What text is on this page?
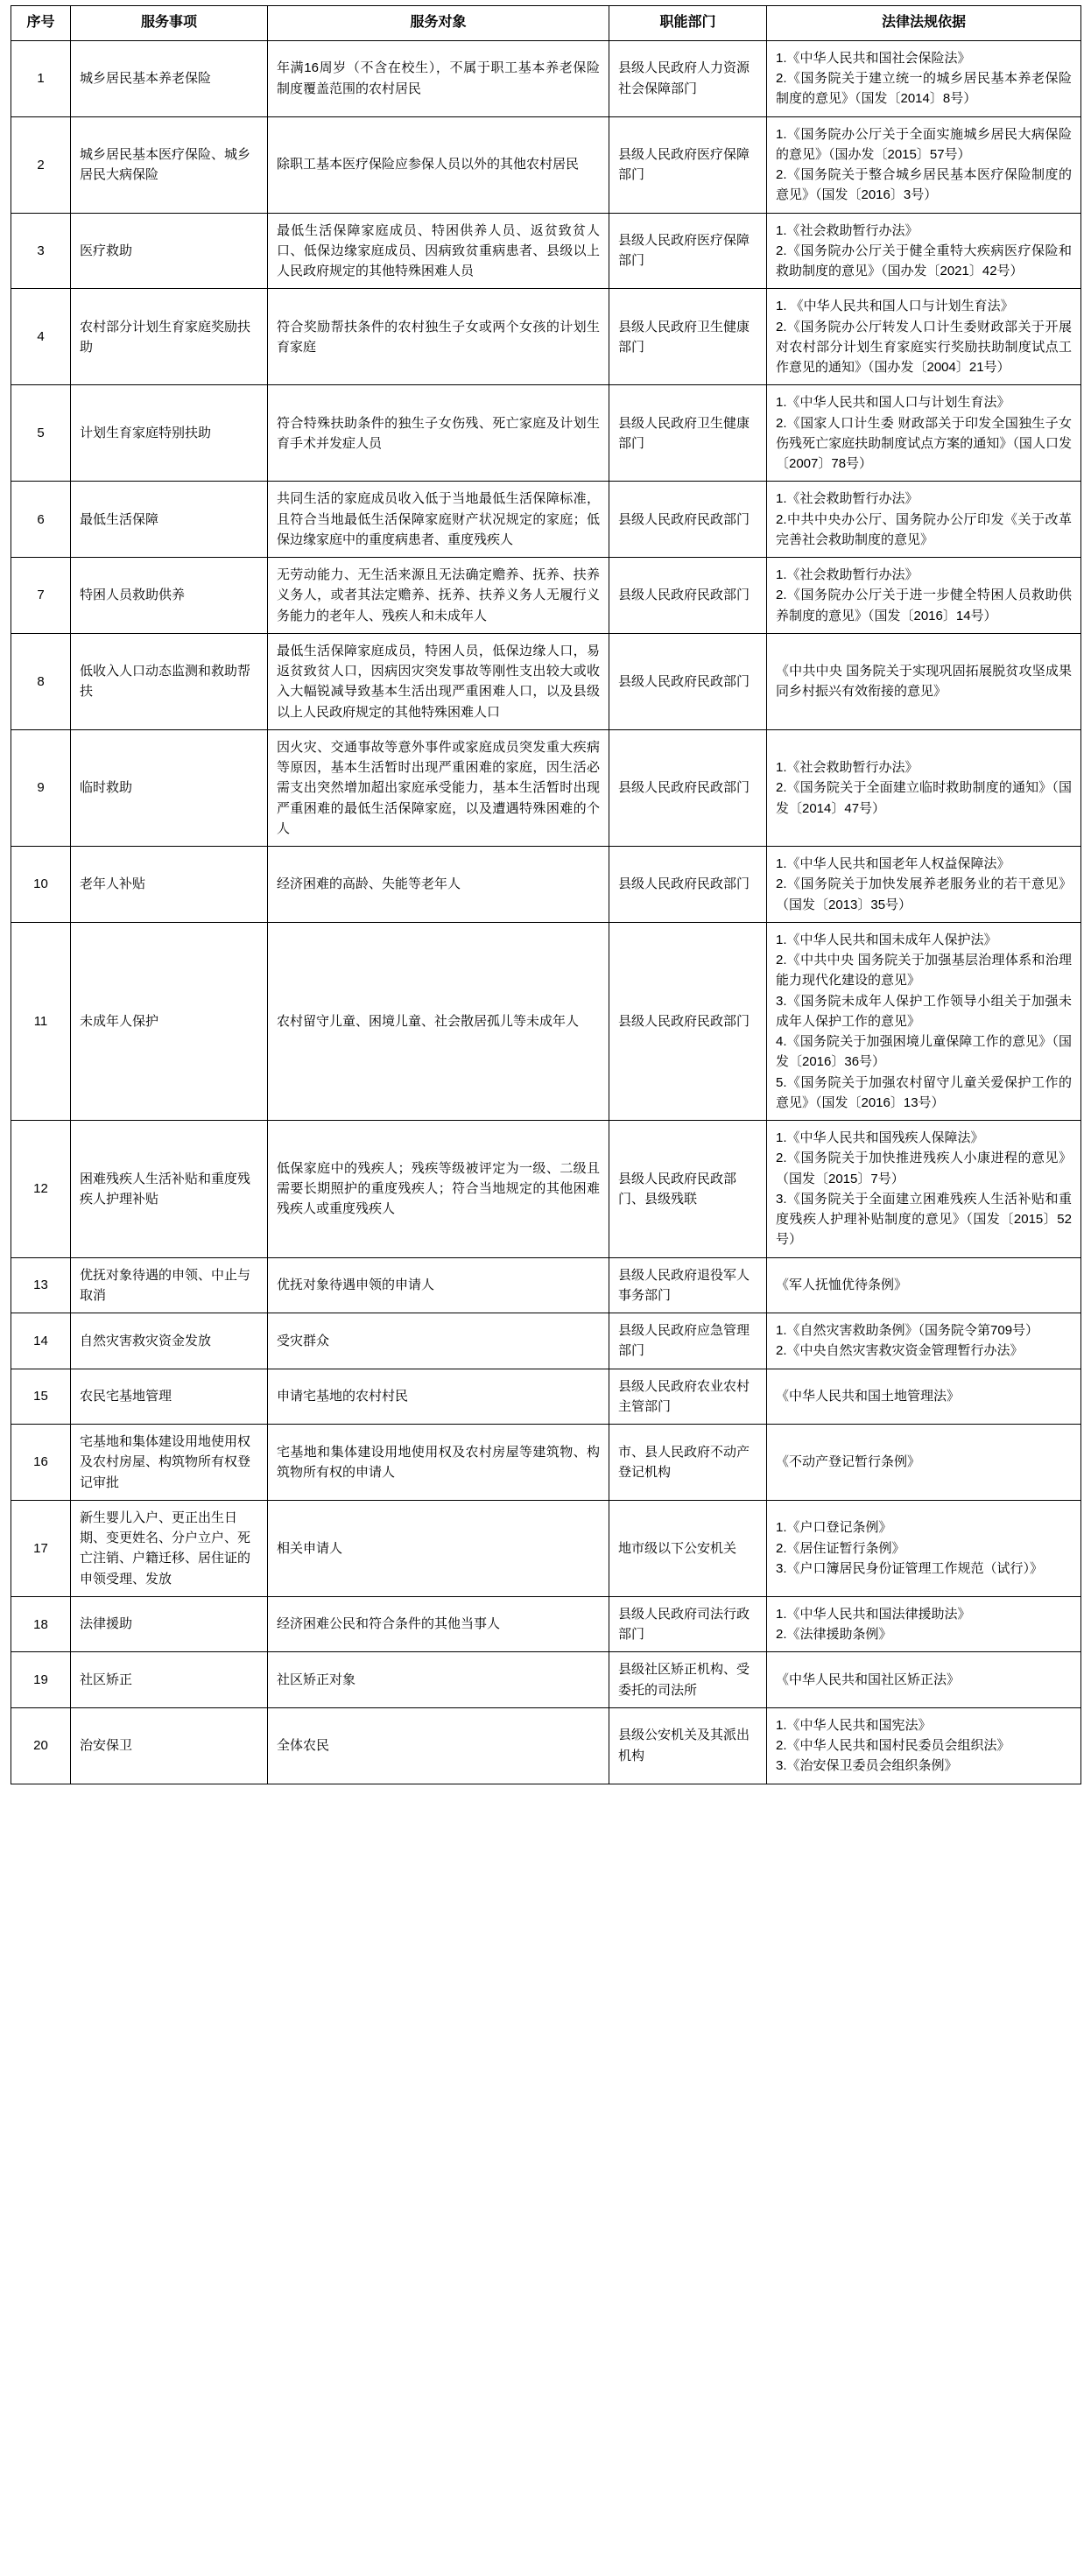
序号	服务事项	服务对象	职能部门	法律法规依据
1	城乡居民基本养老保险	年满16周岁（不含在校生），不属于职工基本养老保险制度覆盖范围的农村居民	县级人民政府人力资源社会保障部门	1.《中华人民共和国社会保险法》
2.《国务院关于建立统一的城乡居民基本养老保险制度的意见》（国发〔2014〕8号）

2	城乡居民基本医疗保险、城乡居民大病保险	除职工基本医疗保险应参保人员以外的其他农村居民	县级人民政府医疗保障部门	1.《国务院办公厅关于全面实施城乡居民大病保险的意见》（国办发〔2015〕57号）
2.《国务院关于整合城乡居民基本医疗保险制度的意见》（国发〔2016〕3号）

3	医疗救助	最低生活保障家庭成员、特困供养人员、返贫致贫人口、低保边缘家庭成员、因病致贫重病患者、县级以上人民政府规定的其他特殊困难人员	县级人民政府医疗保障部门	1.《社会救助暂行办法》
2.《国务院办公厅关于健全重特大疾病医疗保险和救助制度的意见》（国办发〔2021〕42号）

4	农村部分计划生育家庭奖励扶助	符合奖励帮扶条件的农村独生子女或两个女孩的计划生育家庭	县级人民政府卫生健康部门	1. 《中华人民共和国人口与计划生育法》
2.《国务院办公厅转发人口计生委财政部关于开展对农村部分计划生育家庭实行奖励扶助制度试点工作意见的通知》（国办发〔2004〕21号）

5	计划生育家庭特别扶助	符合特殊扶助条件的独生子女伤残、死亡家庭及计划生育手术并发症人员	县级人民政府卫生健康部门	1.《中华人民共和国人口与计划生育法》
2.《国家人口计生委 财政部关于印发全国独生子女伤残死亡家庭扶助制度试点方案的通知》（国人口发〔2007〕78号）

6	最低生活保障	共同生活的家庭成员收入低于当地最低生活保障标准，且符合当地最低生活保障家庭财产状况规定的家庭；低保边缘家庭中的重度病患者、重度残疾人	县级人民政府民政部门	1.《社会救助暂行办法》
2.中共中央办公厅、国务院办公厅印发《关于改革完善社会救助制度的意见》

7	特困人员救助供养	无劳动能力、无生活来源且无法确定赡养、抚养、扶养义务人，或者其法定赡养、抚养、扶养义务人无履行义务能力的老年人、残疾人和未成年人	县级人民政府民政部门	1.《社会救助暂行办法》
2.《国务院办公厅关于进一步健全特困人员救助供养制度的意见》（国发〔2016〕14号）

8	低收入人口动态监测和救助帮扶	最低生活保障家庭成员，特困人员，低保边缘人口，易返贫致贫人口，因病因灾突发事故等刚性支出较大或收入大幅锐减导致基本生活出现严重困难人口，以及县级以上人民政府规定的其他特殊困难人口	县级人民政府民政部门	《中共中央 国务院关于实现巩固拓展脱贫攻坚成果同乡村振兴有效衔接的意见》

9	临时救助	因火灾、交通事故等意外事件或家庭成员突发重大疾病等原因，基本生活暂时出现严重困难的家庭，因生活必需支出突然增加超出家庭承受能力，基本生活暂时出现严重困难的最低生活保障家庭，以及遭遇特殊困难的个人	县级人民政府民政部门	1.《社会救助暂行办法》
2.《国务院关于全面建立临时救助制度的通知》（国发〔2014〕47号）

10	老年人补贴	经济困难的高龄、失能等老年人	县级人民政府民政部门	1.《中华人民共和国老年人权益保障法》
2.《国务院关于加快发展养老服务业的若干意见》（国发〔2013〕35号）

11	未成年人保护	农村留守儿童、困境儿童、社会散居孤儿等未成年人	县级人民政府民政部门	1.《中华人民共和国未成年人保护法》
2.《中共中央 国务院关于加强基层治理体系和治理能力现代化建设的意见》
3.《国务院未成年人保护工作领导小组关于加强未成年人保护工作的意见》
4.《国务院关于加强困境儿童保障工作的意见》（国发〔2016〕36号）
5.《国务院关于加强农村留守儿童关爱保护工作的意见》（国发〔2016〕13号）

12	困难残疾人生活补贴和重度残疾人护理补贴	低保家庭中的残疾人；残疾等级被评定为一级、二级且需要长期照护的重度残疾人；符合当地规定的其他困难残疾人或重度残疾人	县级人民政府民政部门、县级残联	1.《中华人民共和国残疾人保障法》
2.《国务院关于加快推进残疾人小康进程的意见》（国发〔2015〕7号）
3.《国务院关于全面建立困难残疾人生活补贴和重度残疾人护理补贴制度的意见》（国发〔2015〕52号）

13	优抚对象待遇的申领、中止与取消	优抚对象待遇申领的申请人	县级人民政府退役军人事务部门	《军人抚恤优待条例》

14	自然灾害救灾资金发放	受灾群众	县级人民政府应急管理部门	1.《自然灾害救助条例》（国务院令第709号）
2.《中央自然灾害救灾资金管理暂行办法》

15	农民宅基地管理	申请宅基地的农村村民	县级人民政府农业农村主管部门	《中华人民共和国土地管理法》

16	宅基地和集体建设用地使用权及农村房屋、构筑物所有权登记审批	宅基地和集体建设用地使用权及农村房屋等建筑物、构筑物所有权的申请人	市、县人民政府不动产登记机构	《不动产登记暂行条例》

17	新生婴儿入户、更正出生日期、变更姓名、分户立户、死亡注销、户籍迁移、居住证的申领受理、发放	相关申请人	地市级以下公安机关	1.《户口登记条例》
2.《居住证暂行条例》
3.《户口簿居民身份证管理工作规范（试行）》

18	法律援助	经济困难公民和符合条件的其他当事人	县级人民政府司法行政部门	1.《中华人民共和国法律援助法》
2.《法律援助条例》

19	社区矫正	社区矫正对象	县级社区矫正机构、受委托的司法所	《中华人民共和国社区矫正法》

20	治安保卫	全体农民	县级公安机关及其派出机构	1.《中华人民共和国宪法》
2.《中华人民共和国村民委员会组织法》
3.《治安保卫委员会组织条例》
